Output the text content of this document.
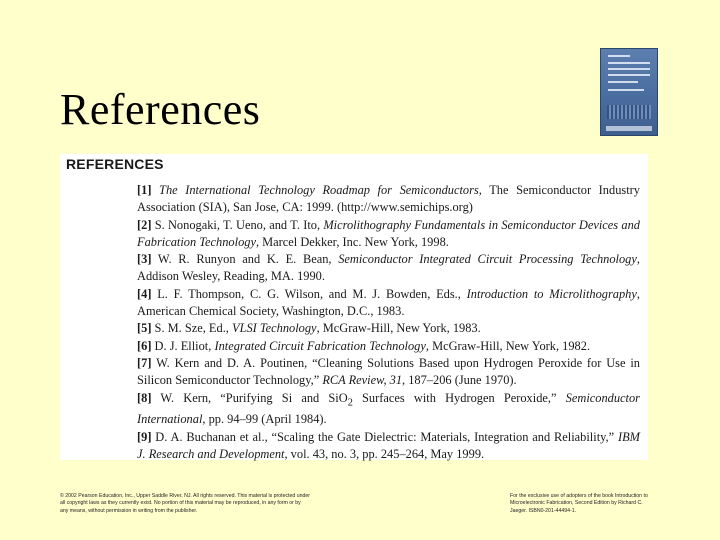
References
REFERENCES
[1] The International Technology Roadmap for Semiconductors, The Semiconductor Industry Association (SIA), San Jose, CA: 1999. (http://www.semichips.org)
[2] S. Nonogaki, T. Ueno, and T. Ito, Microlithography Fundamentals in Semiconductor Devices and Fabrication Technology, Marcel Dekker, Inc. New York, 1998.
[3] W. R. Runyon and K. E. Bean, Semiconductor Integrated Circuit Processing Technology, Addison Wesley, Reading, MA. 1990.
[4] L. F. Thompson, C. G. Wilson, and M. J. Bowden, Eds., Introduction to Microlithography, American Chemical Society, Washington, D.C., 1983.
[5] S. M. Sze, Ed., VLSI Technology, McGraw-Hill, New York, 1983.
[6] D. J. Elliot, Integrated Circuit Fabrication Technology, McGraw-Hill, New York, 1982.
[7] W. Kern and D. A. Poutinen, “Cleaning Solutions Based upon Hydrogen Peroxide for Use in Silicon Semiconductor Technology,” RCA Review, 31, 187–206 (June 1970).
[8] W. Kern, “Purifying Si and SiO$_2$ Surfaces with Hydrogen Peroxide,” Semiconductor International, pp. 94–99 (April 1984).
[9] D. A. Buchanan et al., “Scaling the Gate Dielectric: Materials, Integration and Reliability,” IBM J. Research and Development, vol. 43, no. 3, pp. 245–264, May 1999.
© 2002 Pearson Education, Inc., Upper Saddle River, NJ. All rights reserved. This material is protected under all copyright laws as they currently exist. No portion of this material may be reproduced, in any form or by any means, without permission in writing from the publisher.
For the exclusive use of adopters of the book Introduction to Microelectronic Fabrication, Second Edition by Richard C. Jaeger. ISBN0-201-44494-1.
